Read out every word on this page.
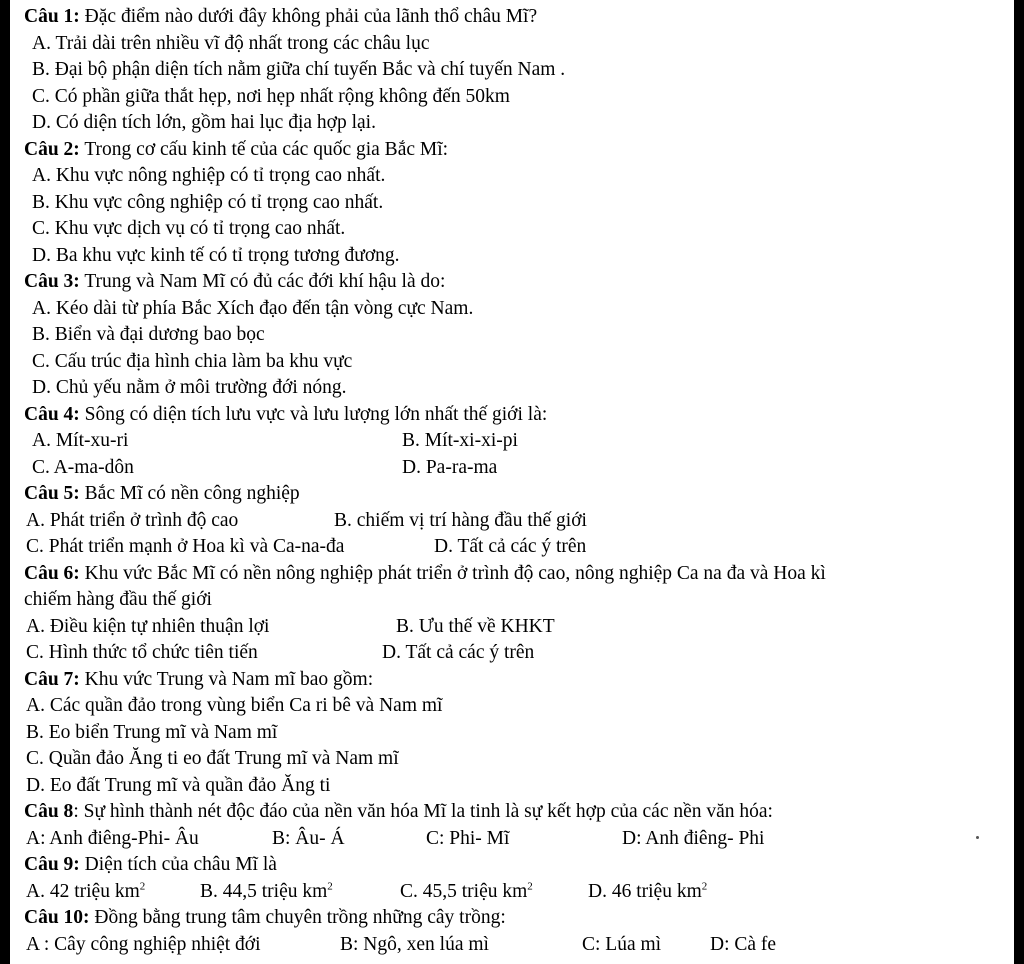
Câu 1: Đặc điểm nào dưới đây không phải của lãnh thổ châu Mĩ?
A. Trải dài trên nhiều vĩ độ nhất trong các châu lục
B. Đại bộ phận diện tích nằm giữa chí tuyến Bắc và chí tuyến Nam .
C. Có phần giữa thắt hẹp, nơi hẹp nhất rộng không đến 50km
D. Có diện tích lớn, gồm hai lục địa hợp lại.
Câu 2: Trong cơ cấu kinh tế của các quốc gia Bắc Mĩ:
A. Khu vực nông nghiệp có tỉ trọng cao nhất.
B. Khu vực công nghiệp có tỉ trọng cao nhất.
C. Khu vực dịch vụ có tỉ trọng cao nhất.
D. Ba khu vực kinh tế có tỉ trọng tương đương.
Câu 3: Trung và Nam Mĩ có đủ các đới khí hậu là do:
A. Kéo dài từ phía Bắc Xích đạo đến tận vòng cực Nam.
B. Biển và đại dương bao bọc
C. Cấu trúc địa hình chia làm ba khu vực
D. Chủ yếu nằm ở môi trường đới nóng.
Câu 4: Sông có diện tích lưu vực và lưu lượng lớn nhất thế giới là:
A. Mít-xu-ri	B. Mít-xi-xi-pi
C. A-ma-dôn	D. Pa-ra-ma
Câu 5: Bắc Mĩ có nền công nghiệp
A. Phát triển ở trình độ cao	B. chiếm vị trí hàng đầu thế giới
C. Phát triển mạnh ở Hoa kì và Ca-na-đa	D. Tất cả các ý trên
Câu 6: Khu vức Bắc Mĩ có nền nông nghiệp phát triển ở trình độ cao, nông nghiệp Ca na đa và Hoa kì
chiếm hàng đầu thế giới
A. Điều kiện tự nhiên thuận lợi	B. Ưu thế về KHKT
C. Hình thức tổ chức tiên tiến	D. Tất cả các ý trên
Câu 7: Khu vức Trung và Nam mĩ bao gồm:
A. Các quần đảo trong vùng biển Ca ri bê và Nam mĩ
B. Eo biển Trung mĩ và Nam mĩ
C. Quần đảo Ăng ti eo đất Trung mĩ và Nam mĩ
D. Eo đất Trung mĩ và quần đảo Ăng ti
Câu 8: Sự hình thành nét độc đáo của nền văn hóa Mĩ la tinh là sự kết hợp của các nền văn hóa:
A: Anh điêng-Phi- Âu	B: Âu- Á	C: Phi- Mĩ	D: Anh điêng- Phi
Câu 9: Diện tích của châu Mĩ là
A. 42 triệu $km^2$	B. 44,5 triệu $km^2$	C. 45,5 triệu $km^2$	D. 46 triệu $km^2$
Câu 10: Đồng bằng trung tâm chuyên trồng những cây trồng:
A : Cây công nghiệp nhiệt đới	B: Ngô, xen lúa mì	C: Lúa mì	D: Cà fe
